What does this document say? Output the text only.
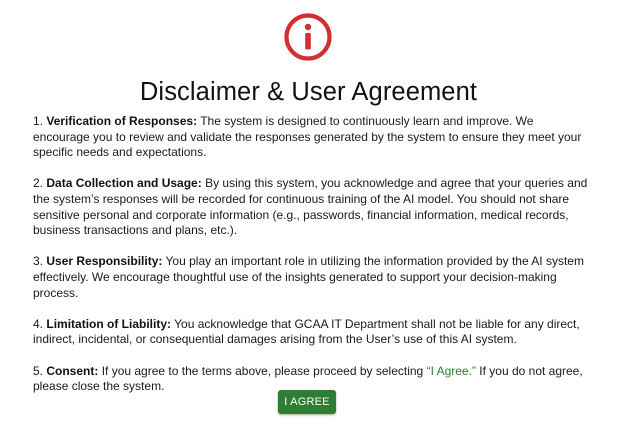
Disclaimer & User Agreement

1. Verification of Responses: The system is designed to continuously learn and improve. We encourage you to review and validate the responses generated by the system to ensure they meet your specific needs and expectations.

2. Data Collection and Usage: By using this system, you acknowledge and agree that your queries and the system’s responses will be recorded for continuous training of the AI model. You should not share sensitive personal and corporate information (e.g., passwords, financial information, medical records, business transactions and plans, etc.).

3. User Responsibility: You play an important role in utilizing the information provided by the AI system effectively. We encourage thoughtful use of the insights generated to support your decision-making process.

4. Limitation of Liability: You acknowledge that GCAA IT Department shall not be liable for any direct, indirect, incidental, or consequential damages arising from the User’s use of this AI system.

5. Consent: If you agree to the terms above, please proceed by selecting “I Agree.” If you do not agree, please close the system.

I AGREE
